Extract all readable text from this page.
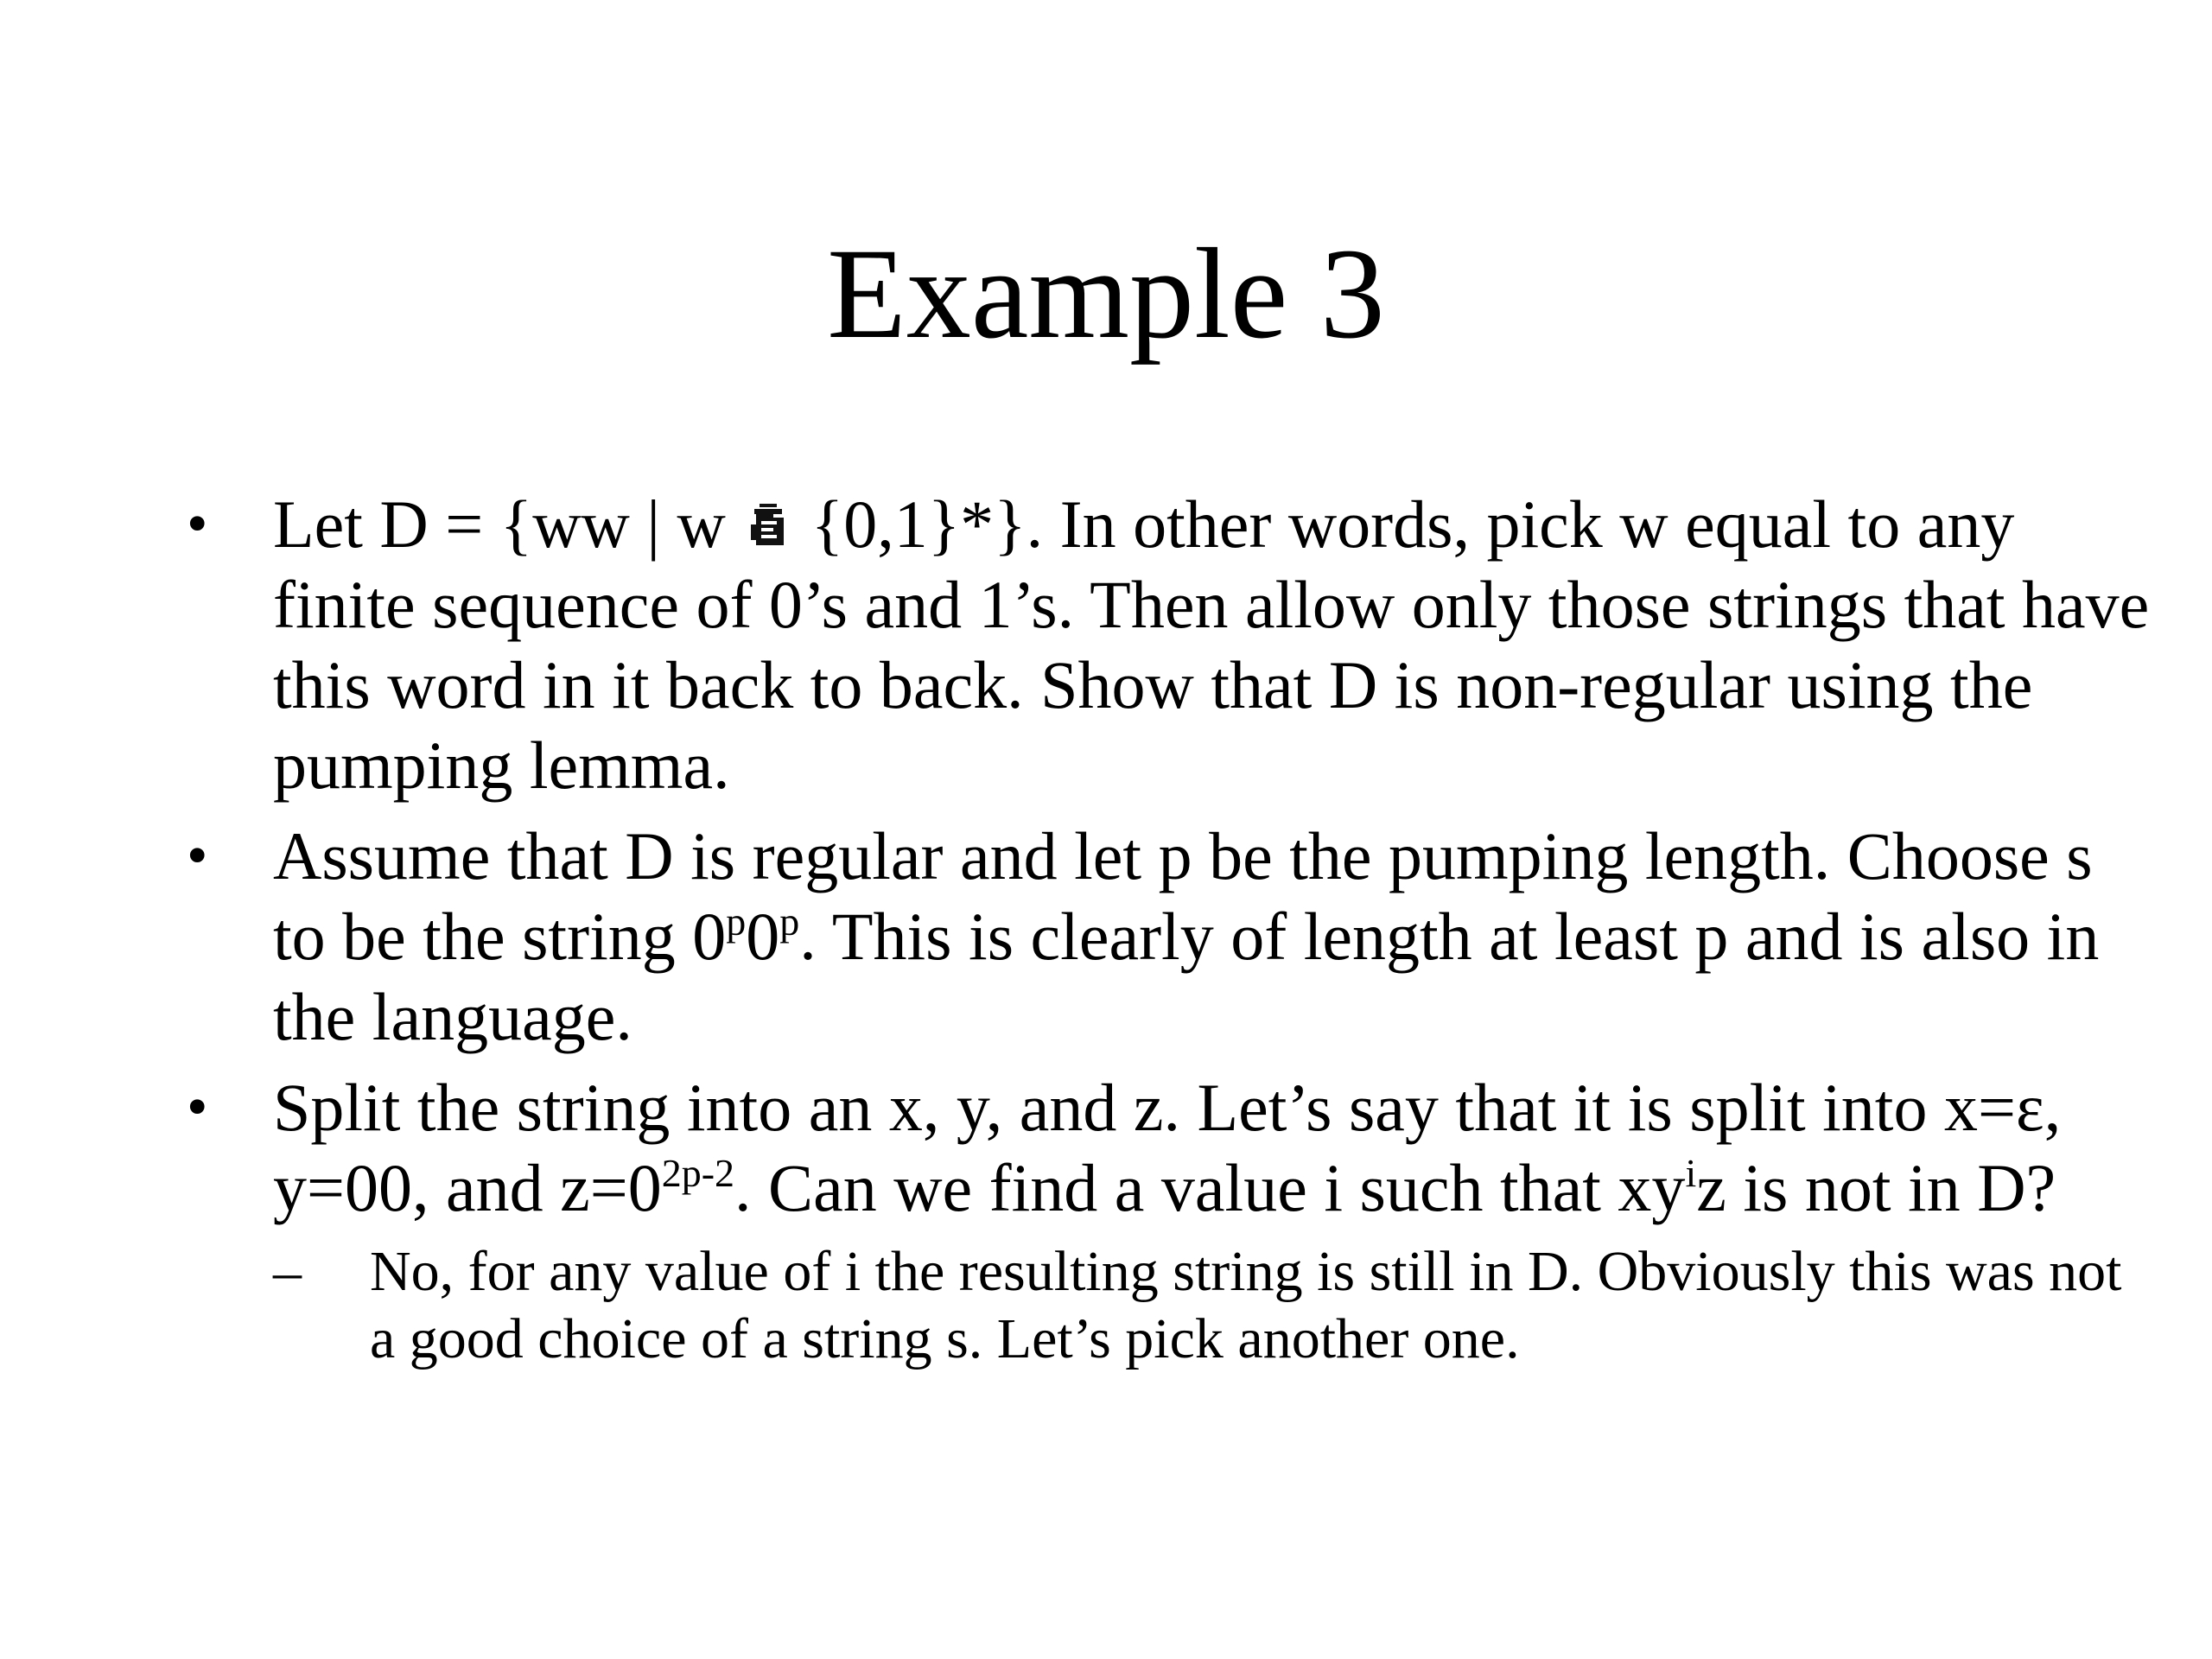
Example 3
• Let D = {ww | w
{0,1}*}. In other words, pick w equal to any finite sequence of 0’s and 1’s. Then allow only those strings that have this word in it back to back. Show that D is non-regular using the pumping lemma.
• Assume that D is regular and let p be the pumping length. Choose s to be the string 0$^p$0$^p$. This is clearly of length at least p and is also in the language.
• Split the string into an x, y, and z. Let’s say that it is split into x=ε, y=00, and $z=0^{2p-2}$. Can we find a value i such that $xy^iz$ is not in D?
– No, for any value of i the resulting string is still in D. Obviously this was not a good choice of a string s. Let’s pick another one.
